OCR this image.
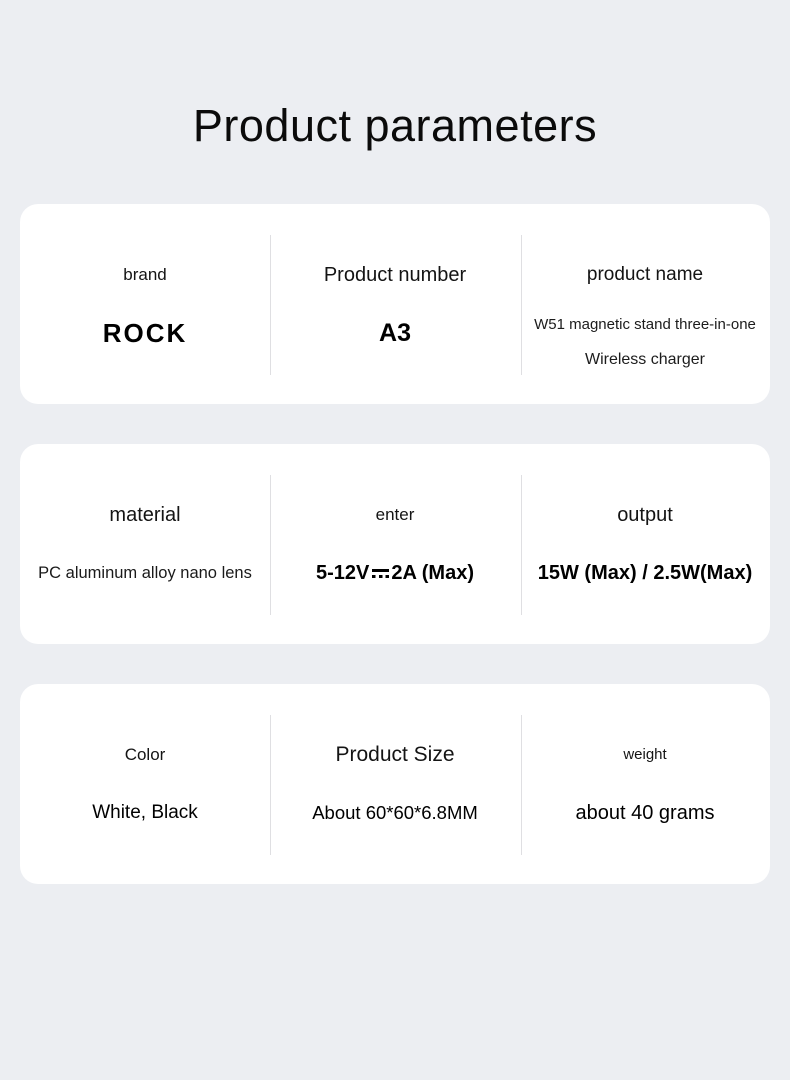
Product parameters
brand
ROCK
Product number
A3
product name
W51 magnetic stand three-in-one
Wireless charger
material
PC aluminum alloy nano lens
enter
5-12V 2A (Max)
output
15W (Max) / 2.5W(Max)
Color
White, Black
Product Size
About 60*60*6.8MM
weight
about 40 grams
